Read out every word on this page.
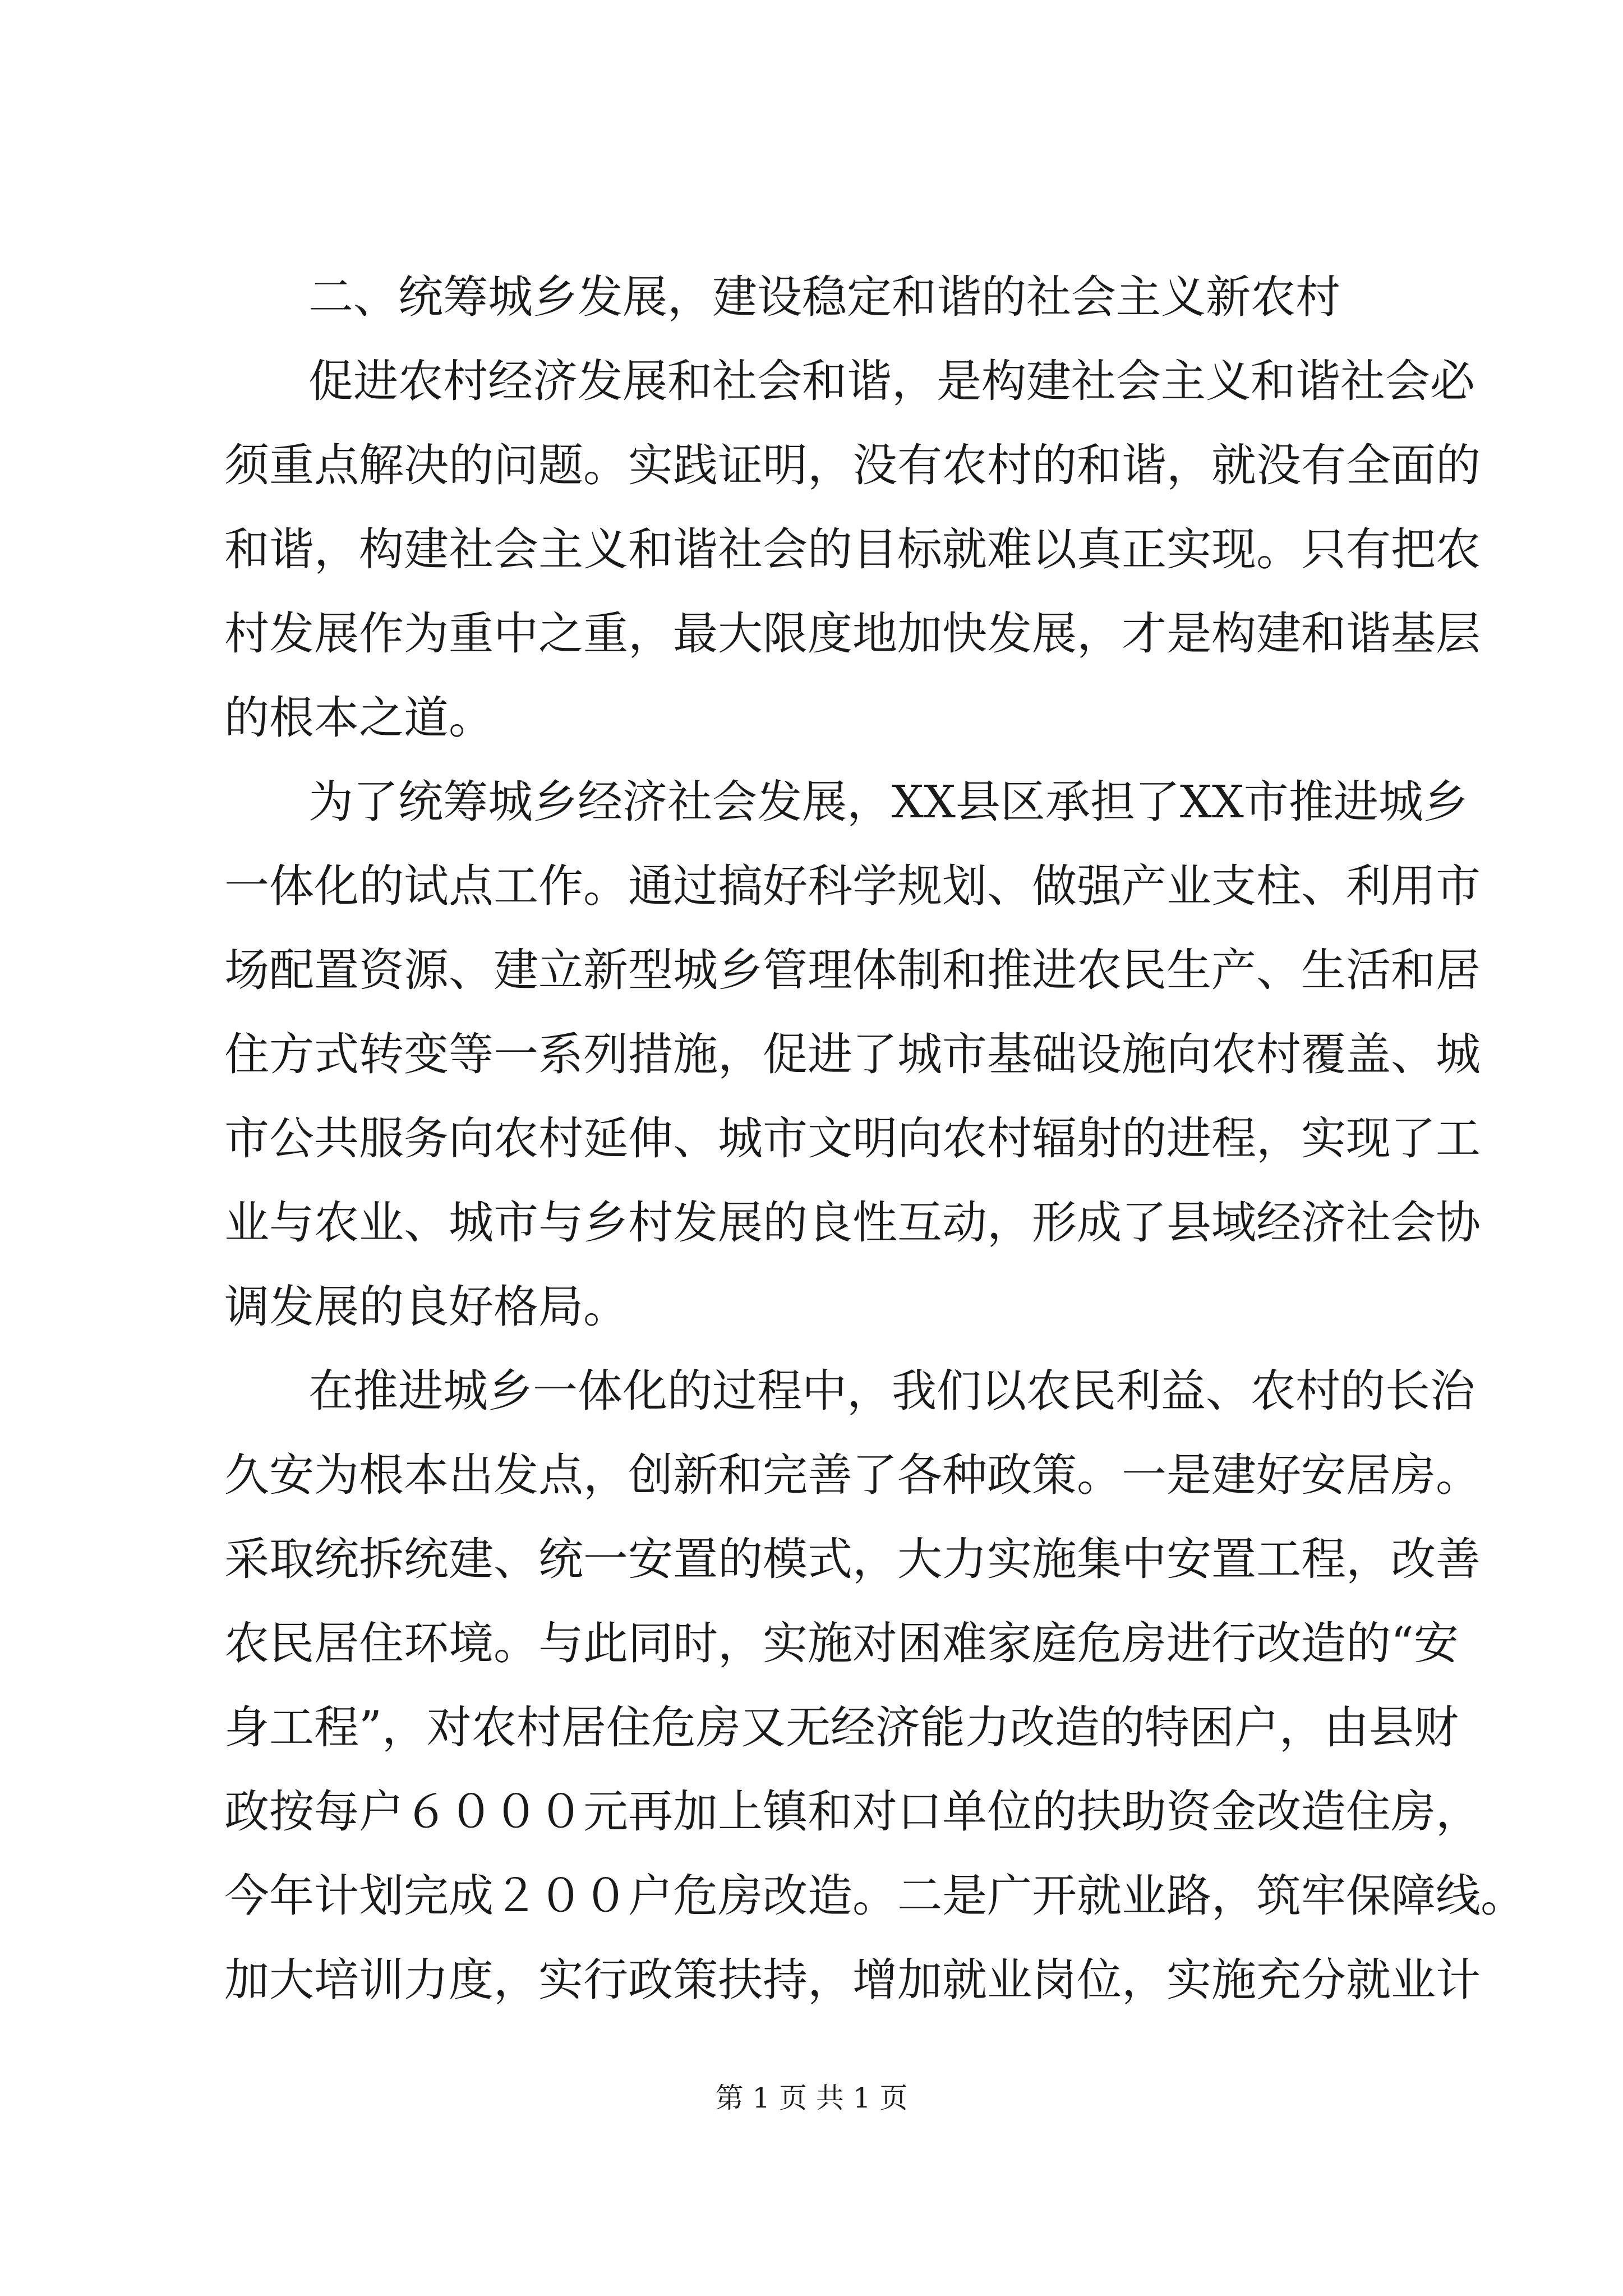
二、统筹城乡发展，建设稳定和谐的社会主义新农村
促进农村经济发展和社会和谐，是构建社会主义和谐社会必
须重点解决的问题。实践证明，没有农村的和谐，就没有全面的
和谐，构建社会主义和谐社会的目标就难以真正实现。只有把农
村发展作为重中之重，最大限度地加快发展，才是构建和谐基层
的根本之道。
为了统筹城乡经济社会发展，XX县区承担了XX市推进城乡
一体化的试点工作。通过搞好科学规划、做强产业支柱、利用市
场配置资源、建立新型城乡管理体制和推进农民生产、生活和居
住方式转变等一系列措施，促进了城市基础设施向农村覆盖、城
市公共服务向农村延伸、城市文明向农村辐射的进程，实现了工
业与农业、城市与乡村发展的良性互动，形成了县域经济社会协
调发展的良好格局。
在推进城乡一体化的过程中，我们以农民利益、农村的长治
久安为根本出发点，创新和完善了各种政策。一是建好安居房。
采取统拆统建、统一安置的模式，大力实施集中安置工程，改善
农民居住环境。与此同时，实施对困难家庭危房进行改造的“安
身工程”，对农村居住危房又无经济能力改造的特困户，由县财
政按每户６０００元再加上镇和对口单位的扶助资金改造住房，
今年计划完成２００户危房改造。二是广开就业路，筑牢保障线。
加大培训力度，实行政策扶持，增加就业岗位，实施充分就业计
第 1 页 共 1 页
